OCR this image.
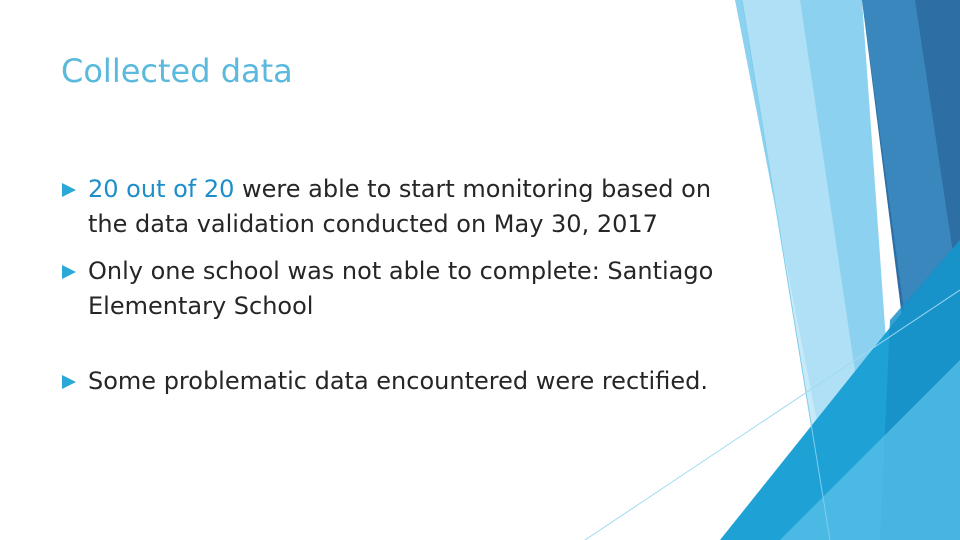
Collected data
20 out of 20 were able to start monitoring based on the data validation conducted on May 30, 2017
Only one school was not able to complete: Santiago Elementary School
Some problematic data encountered were rectified.
